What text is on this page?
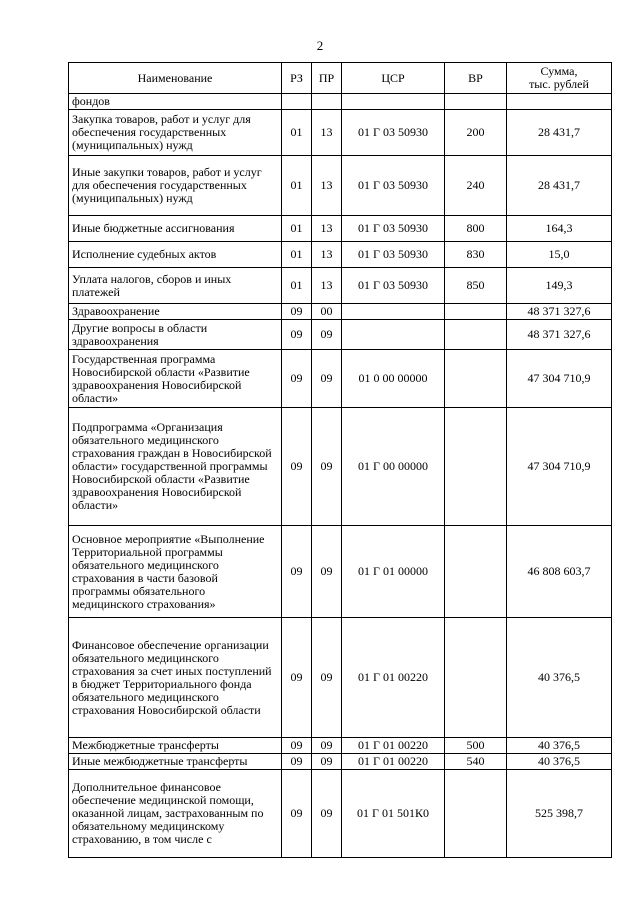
2
Наименование	РЗ	ПР	ЦСР	ВР	Сумма,
тыс. рублей
фондов					
Закупка товаров, работ и услуг для обеспечения государственных (муниципальных) нужд	01	13	01 Г 03 50930	200	28 431,7
Иные закупки товаров, работ и услуг для обеспечения государственных (муниципальных) нужд	01	13	01 Г 03 50930	240	28 431,7
Иные бюджетные ассигнования	01	13	01 Г 03 50930	800	164,3
Исполнение судебных актов	01	13	01 Г 03 50930	830	15,0
Уплата налогов, сборов и иных платежей	01	13	01 Г 03 50930	850	149,3
Здравоохранение	09	00			48 371 327,6
Другие вопросы в области здравоохранения	09	09			48 371 327,6
Государственная программа Новосибирской области «Развитие здравоохранения Новосибирской области»	09	09	01 0 00 00000		47 304 710,9
Подпрограмма «Организация обязательного медицинского страхования граждан в Новосибирской области» государственной программы Новосибирской области «Развитие здравоохранения Новосибирской области»	09	09	01 Г 00 00000		47 304 710,9
Основное мероприятие «Выполнение Территориальной программы обязательного медицинского страхования в части базовой программы обязательного медицинского страхования»	09	09	01 Г 01 00000		46 808 603,7
Финансовое обеспечение организации обязательного медицинского страхования за счет иных поступлений в бюджет Территориального фонда обязательного медицинского страхования Новосибирской области	09	09	01 Г 01 00220		40 376,5
Межбюджетные трансферты	09	09	01 Г 01 00220	500	40 376,5
Иные межбюджетные трансферты	09	09	01 Г 01 00220	540	40 376,5
Дополнительное финансовое обеспечение медицинской помощи, оказанной лицам, застрахованным по обязательному медицинскому страхованию, в том числе с	09	09	01 Г 01 501К0		525 398,7
